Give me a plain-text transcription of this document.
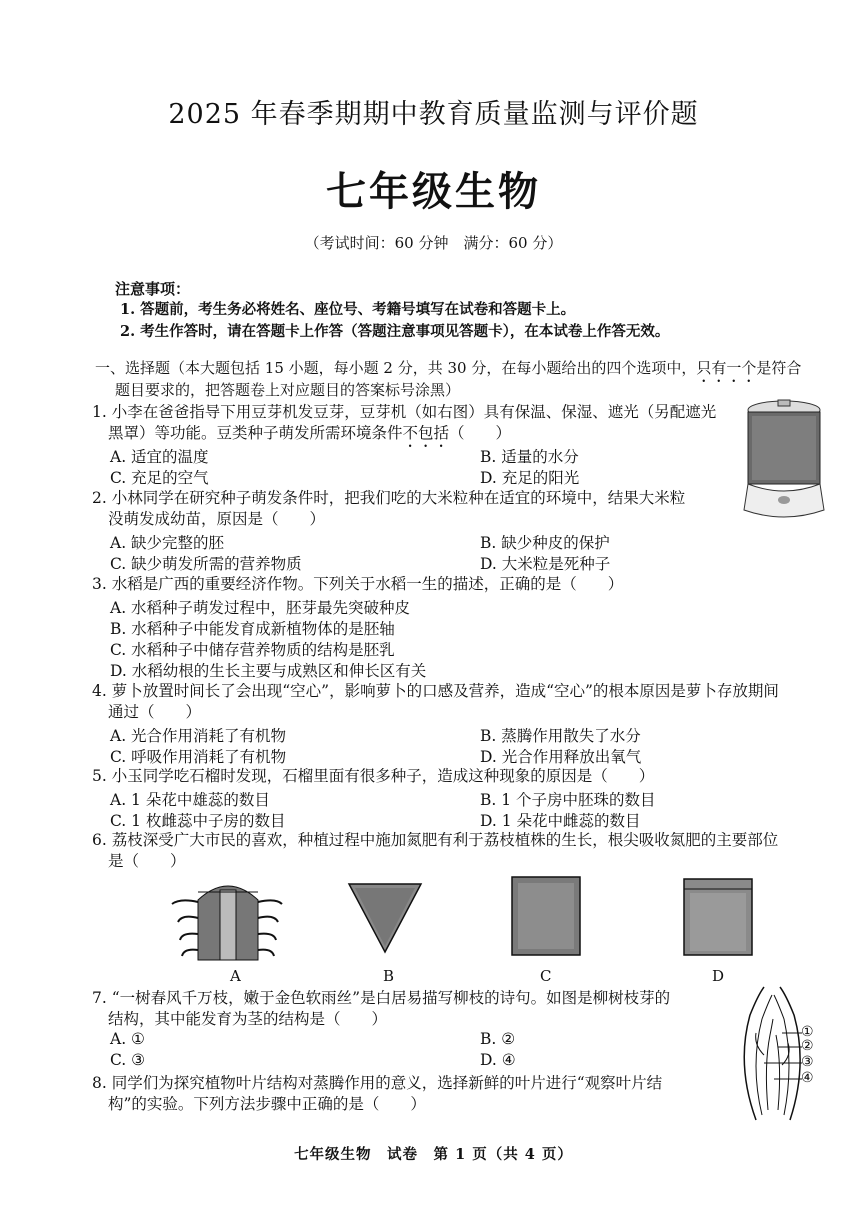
2025 年春季期期中教育质量监测与评价题
七年级生物
（考试时间：60 分钟　满分：60 分）
注意事项：
1. 答题前，考生务必将姓名、座位号、考籍号填写在试卷和答题卡上。
2. 考生作答时，请在答题卡上作答（答题注意事项见答题卡），在本试卷上作答无效。
一、选择题（本大题包括 15 小题，每小题 2 分，共 30 分，在每小题给出的四个选项中，只有一个是符合
题目要求的，把答题卷上对应题目的答案标号涂黑）
1. 小李在爸爸指导下用豆芽机发豆芽，豆芽机（如右图）具有保温、保湿、遮光（另配遮光
黑罩）等功能。豆类种子萌发所需环境条件不包括（　　）
A. 适宜的温度	B. 适量的水分
C. 充足的空气	D. 充足的阳光
2. 小林同学在研究种子萌发条件时，把我们吃的大米粒种在适宜的环境中，结果大米粒
没萌发成幼苗，原因是（　　）
A. 缺少完整的胚	B. 缺少种皮的保护
C. 缺少萌发所需的营养物质	D. 大米粒是死种子
3. 水稻是广西的重要经济作物。下列关于水稻一生的描述，正确的是（　　）
A. 水稻种子萌发过程中，胚芽最先突破种皮
B. 水稻种子中能发育成新植物体的是胚轴
C. 水稻种子中储存营养物质的结构是胚乳
D. 水稻幼根的生长主要与成熟区和伸长区有关
4. 萝卜放置时间长了会出现“空心”，影响萝卜的口感及营养，造成“空心”的根本原因是萝卜存放期间
通过（　　）
A. 光合作用消耗了有机物	B. 蒸腾作用散失了水分
C. 呼吸作用消耗了有机物	D. 光合作用释放出氧气
5. 小玉同学吃石榴时发现，石榴里面有很多种子，造成这种现象的原因是（　　）
A. 1 朵花中雄蕊的数目	B. 1 个子房中胚珠的数目
C. 1 枚雌蕊中子房的数目	D. 1 朵花中雌蕊的数目
6. 荔枝深受广大市民的喜欢，种植过程中施加氮肥有利于荔枝植株的生长，根尖吸收氮肥的主要部位
是（　　）
A	B	C	D
7. “一树春风千万枝，嫩于金色软雨丝”是白居易描写柳枝的诗句。如图是柳树枝芽的
结构，其中能发育为茎的结构是（　　）
A. ①	B. ②
C. ③	D. ④
①
②
③
④
8. 同学们为探究植物叶片结构对蒸腾作用的意义，选择新鲜的叶片进行“观察叶片结
构”的实验。下列方法步骤中正确的是（　　）
七年级生物　试卷　第 1 页（共 4 页）
